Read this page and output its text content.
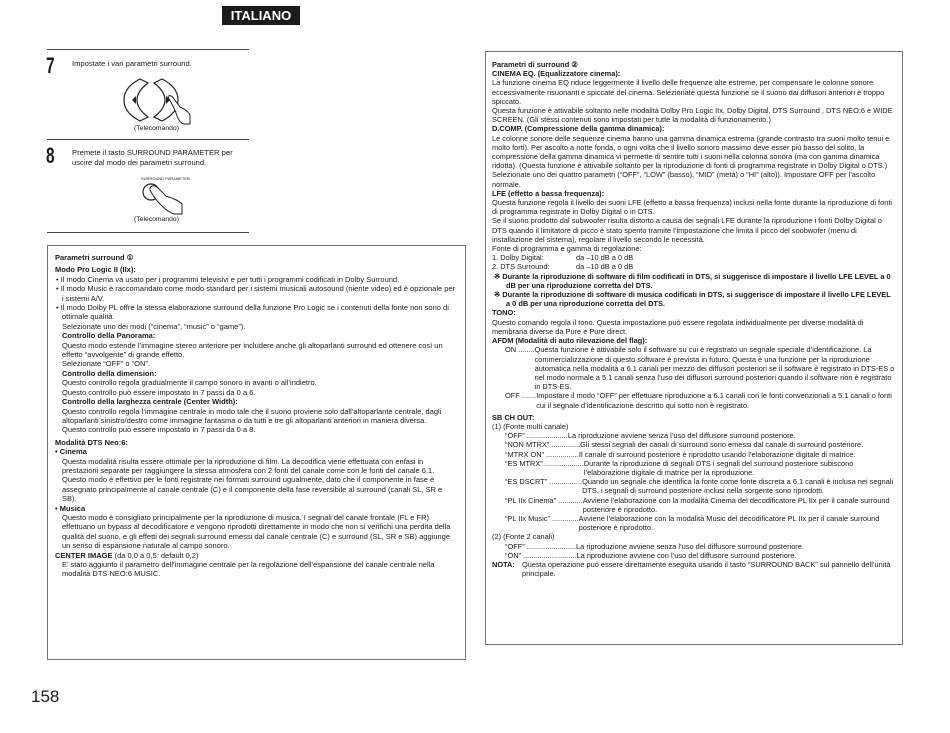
ITALIANO
7 Impostate i vari parametri surround.
(Telecomando)
8 Premete il tasto SURROUND PARAMETER per uscire dal modo dei parametri surround.
SURROUND PARAMETER
(Telecomando)

Parametri surround ①

Modo Pro Logic II (IIx):

• Il modo Cinema va usato per i programmi televisivi e per tutti i programmi codificati in Dolby Surround.

• Il modo Music è raccomandato come modo standard per i sistemi musicali autosound (niente video) ed è opzionale per i sistemi A/V.

• Il modo Dolby PL offre la stessa elaborazione surround della funzione Pro Logic se i contenuti della fonte non sono di ottimale qualità.

Selezionate uno dei modi (“cinema”, “music” o “game”).

Controllo della Panorama:

Questo modo estende l’immagine stereo anteriore per includere anche gli altoparlanti surround ed ottenere così un effetto “avvolgente” di grande effetto.

Selezionate “OFF” o “ON”.

Controllo della dimension:

Questo controllo regola gradualmente il campo sonoro in avanti o all’indietro.

Questo controllo può essere impostato in 7 passi da 0 a 6.

Controllo della larghezza centrale (Center Width):

Questo controllo regola l’immagine centrale in modo tale che il suono proviene solo dall’altoparlante centrale, dagli altoparlanti sinistro/destro come immagine fantasma o da tutti e tre gli altoparlanti anteriori in maniera diversa.

Questo controllo può essere impostato in 7 passi da 0 a 8.

Modalità DTS Neo:6:

• Cinema

Questa modalità risulta essere ottimale per la riproduzione di film. La decodifica viene effettuata con enfasi in prestazioni separate per raggiungere la stessa atmosfera con 2 fonti del canale come con le fonti del canale 6.1.

Questo modo è effettivo per le fonti registrate nei formati surround ugualmente, dato che il componente in fase è assegnato principalmente al canale centrale (C) e il componente della fase reversibile al surround (canali SL, SR e SB).

• Musica

Questo modo è consigliato principalmente per la riproduzione di musica. I segnali del canale frontale (FL e FR) effettuano un bypass al decodificatore e vengono riprodotti direttamente in modo che non si verifichi una perdita della qualità del suono, e gli effetti dei segnali surround emessi dal canale centrale (C) e surround (SL, SR e SB) aggiunge un senso di espansione naturale al campo sonoro.

CENTER IMAGE (da 0,0 a 0,5: default 0,2)

E’ stato aggiunto il parametro dell’immagine centrale per la regolazione dell’espansione del canale centrale nella modalità DTS NEO:6 MUSIC.

Parametri di surround ②

CINEMA EQ. (Equalizzatore cinema):

La funzione cinema EQ riduce leggermente il livello delle frequenze alte estreme, per compensare le colonne sonore eccessivamente risuonanti e spiccate del cinema. Selezionate questa funzione se il suono dai diffusori anteriori è troppo spiccato.

Questa funzione è attivabile soltanto nelle modalità Dolby Pro Logic IIx, Dolby Digital, DTS Surround , DTS NEO:6 e WIDE SCREEN. (Gli stessi contenuti sono impostati per tutte la modalità di funzionamento.)

D.COMP. (Compressione della gamma dinamica):

Le colonne sonore delle sequenze cinema hanno una gamma dinamica estrema (grande contrasto tra suoni molto tenui e molto forti). Per ascolto a notte fonda, o ogni volta che il livello sonoro massimo deve esser più basso del solito, la compressione della gamma dinamica vi permette di sentire tutti i suoni nella colonna sonora (ma con gamma dinamica ridotta). (Questa funzione è attivabile soltanto per la riproduzione di fonti di programma registrate in Dolby Digital o DTS.) Selezionate uno dei quattro parametri (“OFF”, “LOW” (basso), “MID” (metà) o “HI” (alto)). Impostare OFF per l’ascolto normale.

LFE (effetto a bassa frequenza):

Questa funzione regola il livello dei suoni LFE (effetto a bassa frequenza) inclusi nella fonte durante la riproduzione di fonti di programma registrate in Dolby Digital o in DTS.

Se il suono prodotto dal subwoofer risulta distorto a causa dei segnali LFE durante la riproduzione i fonti Dolby Digital o DTS quando il limitatore di picco è stato spento tramite l’impostazione che limita il picco del soobwofer (menu di installazione del sistema), regolare il livello secondo le necessità.

Fonte di programma e gamma di regolazione:

1. Dolby Digital:	da –10 dB a 0 dB
2. DTS Surround:	da –10 dB a 0 dB

※ Durante la riproduzione di software di film codificati in DTS, si suggerisce di impostare il livello LFE LEVEL a 0 dB per una riproduzione corretta del DTS.

※ Durante la riproduzione di software di musica codificati in DTS, si suggerisce di impostare il livello LFE LEVEL a 0 dB per una riproduzione corretta del DTS.

TONO:

Questo comando regola il tono. Questa impostazione può essere regolata individualmente per diverse modalità di membrana diverse da Pure e Pure direct.

AFDM (Modalità di auto rilevazione del flag):

ON ........ Questa funzione è attivabile solo il software su cui è registrato un segnale speciale d’identificazione. La commercializzazione di questo software è prevista in futuro. Questa è una funzione per la riproduzione automatica nella modalità a 6.1 canali per mezzo dei diffusori posteriori se il software è registrato in DTS-ES o nel modo normale a 5.1 canali senza l’uso dei diffusori surround posteriori quando il software non è registrato in DTS-ES.
OFF ....... Impostare il modo “OFF” per effettuare riproduzione a 6.1 canali con le fonti convenzionali a 5.1 canali o fonti cui il segnale d’identificazione descritto qui sotto non è registrato.

SB CH OUT:

(1) (Fonte multi canale)

“OFF” .................... La riproduzione avviene senza l’uso del diffusore surround posteriore.
“NON MTRX” .............. Gli stessi segnali dei canali di surround sono emessi dal canale di surround posteriore.
“MTRX ON” ................ Il canale di surround posteriore è riprodotto usando l’elaborazione digitale di matrice.
“ES MTRX” ................... Durante la riproduzione di segnali DTS i segnali del surround posteriore subiscono l’elaborazione digitale di matrice per la riproduzione.
“ES DSCRT” ................ Quando un segnale che identifica la fonte come fonte discreta a 6.1 canali è inclusa nei segnali DTS, i segnali di surround posteriore inclusi nella sorgente sono riprodotti.
“PL IIx Cinema” ............ Avviene l’elaborazione con la modalità Cinema del decodificatore PL IIx per il canale surround posteriore è riprodotto.
“PL IIx Music” ............. Avviene l’elaborazione con la modalità Music del decodificatore PL IIx per il canale surround posteriore è riprodotto.

(2) (Fonte 2 canali)

“OFF” ........................ La riproduzione avviene senza l’uso del diffusore surround posteriore.
“ON” .......................... La riproduzione avviene con l’uso del diffusore surround posteriore.
NOTA: Questa operazione può essere direttamente eseguita usando il tasto “SURROUND BACK” sul pannello dell’unità principale.
158
